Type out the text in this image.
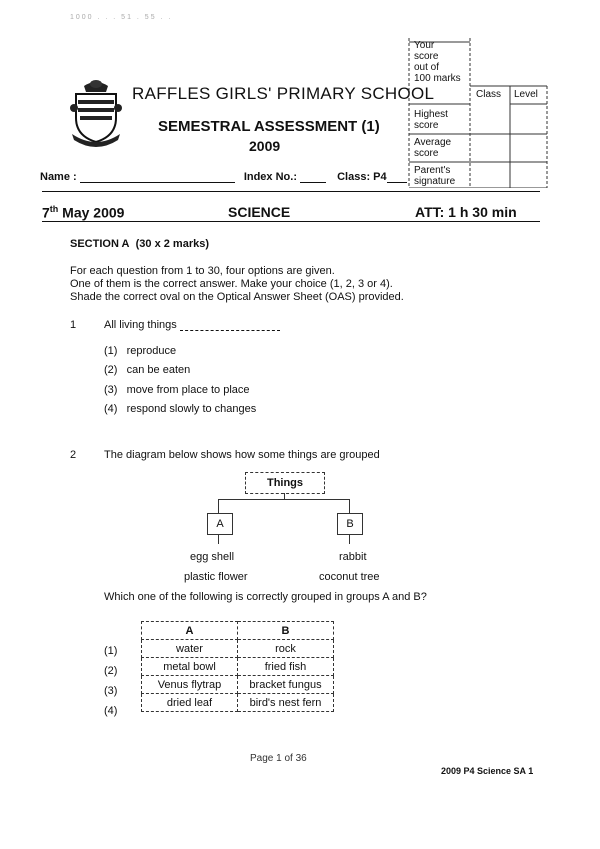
1000 . . . 51 . 55 . .
RAFFLES GIRLS' PRIMARY SCHOOL
SEMESTRAL ASSESSMENT (1)
2009
Your
score
out of
100 marks
Class Level
Highest
score
Average
score
Parent's
signature
Name :	Index No.:	Class: P4
7th May 2009	SCIENCE	ATT: 1 h 30 min
SECTION A (30 x 2 marks)
For each question from 1 to 30, four options are given.
One of them is the correct answer. Make your choice (1, 2, 3 or 4).
Shade the correct oval on the Optical Answer Sheet (OAS) provided.
1	All living things
(1) reproduce
(2) can be eaten
(3) move from place to place
(4) respond slowly to changes
2	The diagram below shows how some things are grouped
Things
A	B
egg shell
plastic flower
rabbit
coconut tree
Which one of the following is correctly grouped in groups A and B?
(1)
(2)
(3)
(4)
A	B
water	rock
metal bowl	fried fish
Venus flytrap	bracket fungus
dried leaf	bird's nest fern
Page 1 of 36
2009 P4 Science SA 1
